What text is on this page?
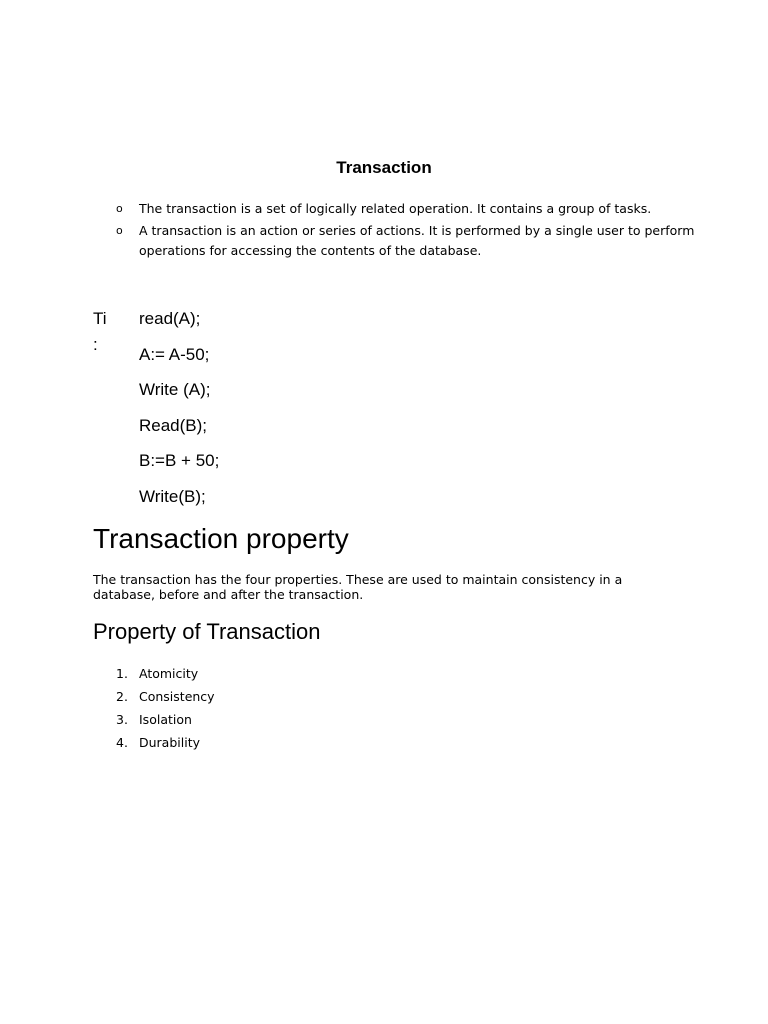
Transaction
o The transaction is a set of logically related operation. It contains a group of tasks.
o A transaction is an action or series of actions. It is performed by a single user to perform operations for accessing the contents of the database.
Ti :
read(A);
A:= A-50;
Write (A);
Read(B);
B:=B + 50;
Write(B);
Transaction property
The transaction has the four properties. These are used to maintain consistency in a database, before and after the transaction.
Property of Transaction
1. Atomicity
2. Consistency
3. Isolation
4. Durability
